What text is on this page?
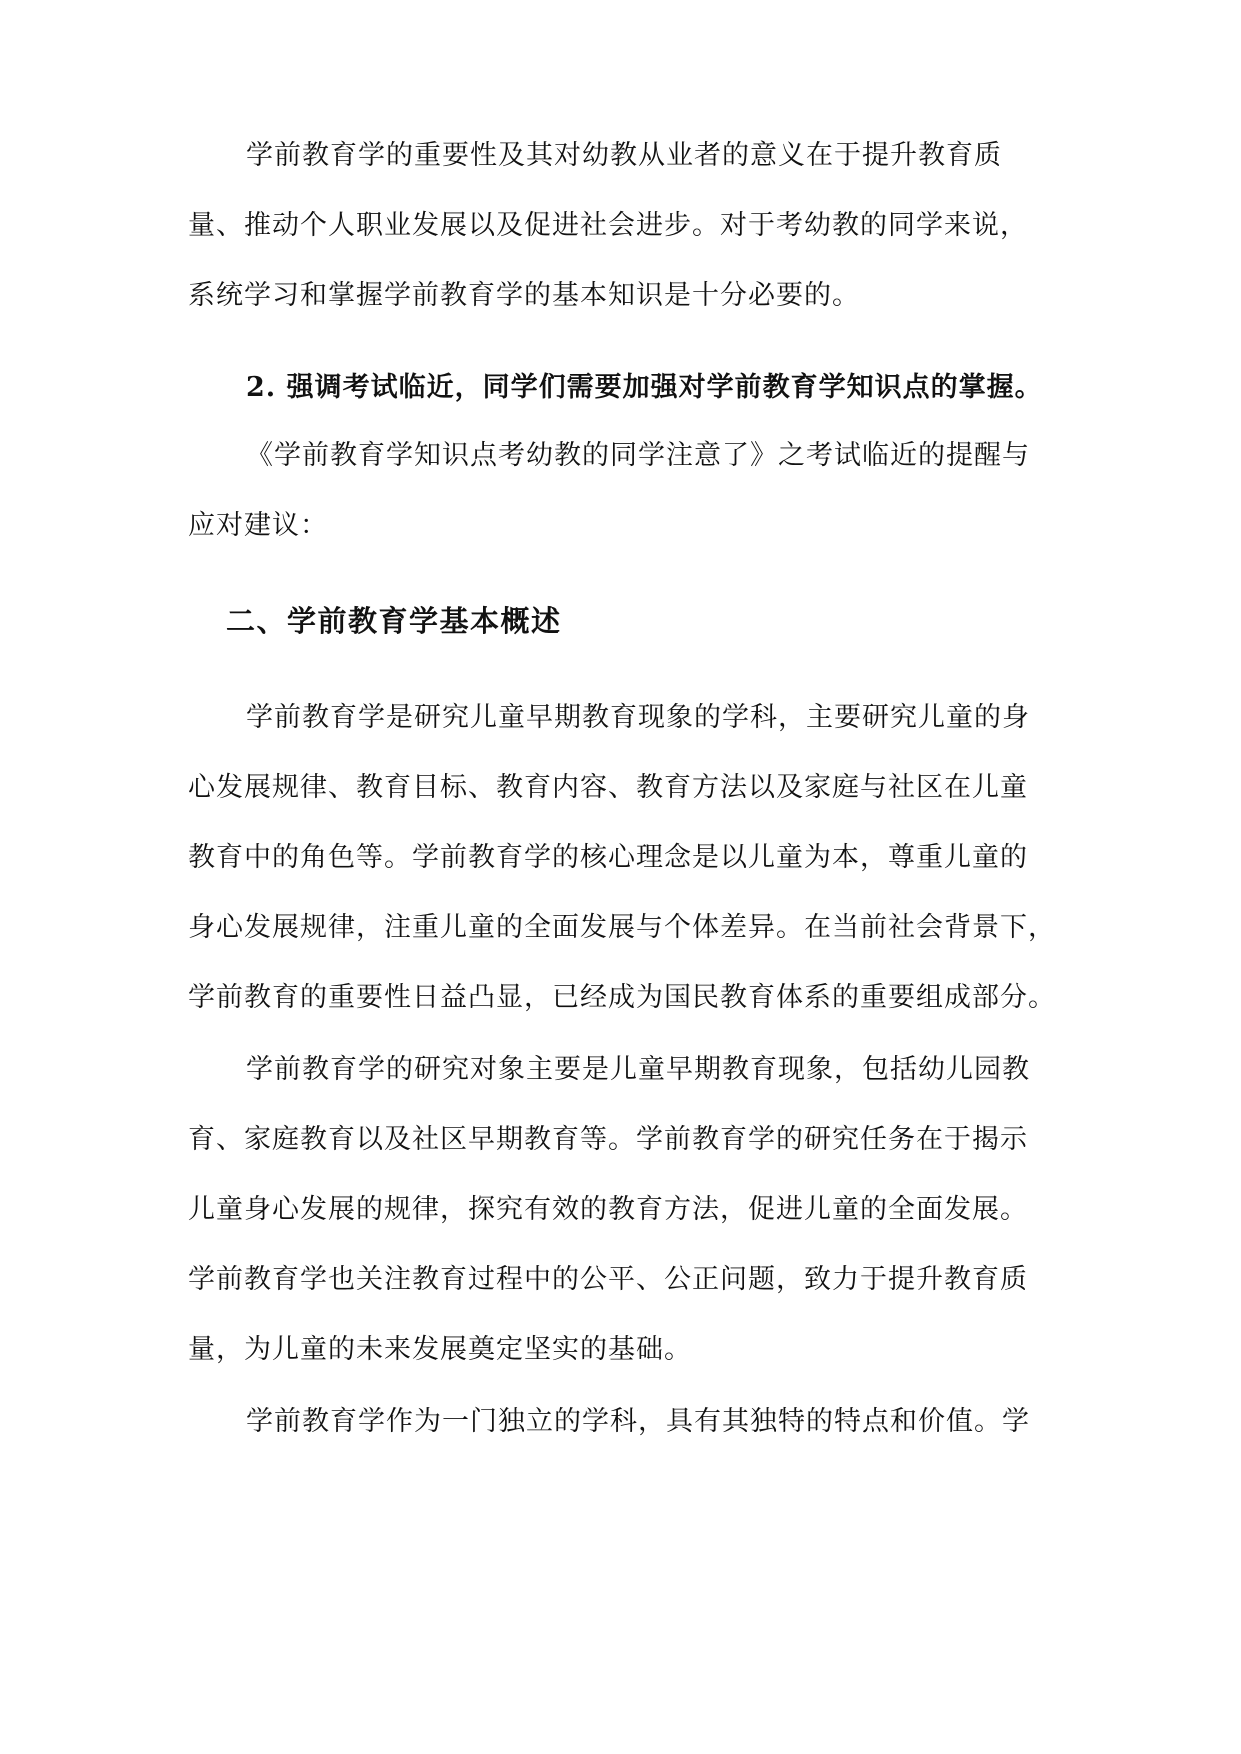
学前教育学的重要性及其对幼教从业者的意义在于提升教育质
量、推动个人职业发展以及促进社会进步。对于考幼教的同学来说，
系统学习和掌握学前教育学的基本知识是十分必要的。
2. 强调考试临近，同学们需要加强对学前教育学知识点的掌握。
《学前教育学知识点考幼教的同学注意了》之考试临近的提醒与
应对建议：
二、学前教育学基本概述
学前教育学是研究儿童早期教育现象的学科，主要研究儿童的身
心发展规律、教育目标、教育内容、教育方法以及家庭与社区在儿童
教育中的角色等。学前教育学的核心理念是以儿童为本，尊重儿童的
身心发展规律，注重儿童的全面发展与个体差异。在当前社会背景下，
学前教育的重要性日益凸显，已经成为国民教育体系的重要组成部分。
学前教育学的研究对象主要是儿童早期教育现象，包括幼儿园教
育、家庭教育以及社区早期教育等。学前教育学的研究任务在于揭示
儿童身心发展的规律，探究有效的教育方法，促进儿童的全面发展。
学前教育学也关注教育过程中的公平、公正问题，致力于提升教育质
量，为儿童的未来发展奠定坚实的基础。
学前教育学作为一门独立的学科，具有其独特的特点和价值。学
